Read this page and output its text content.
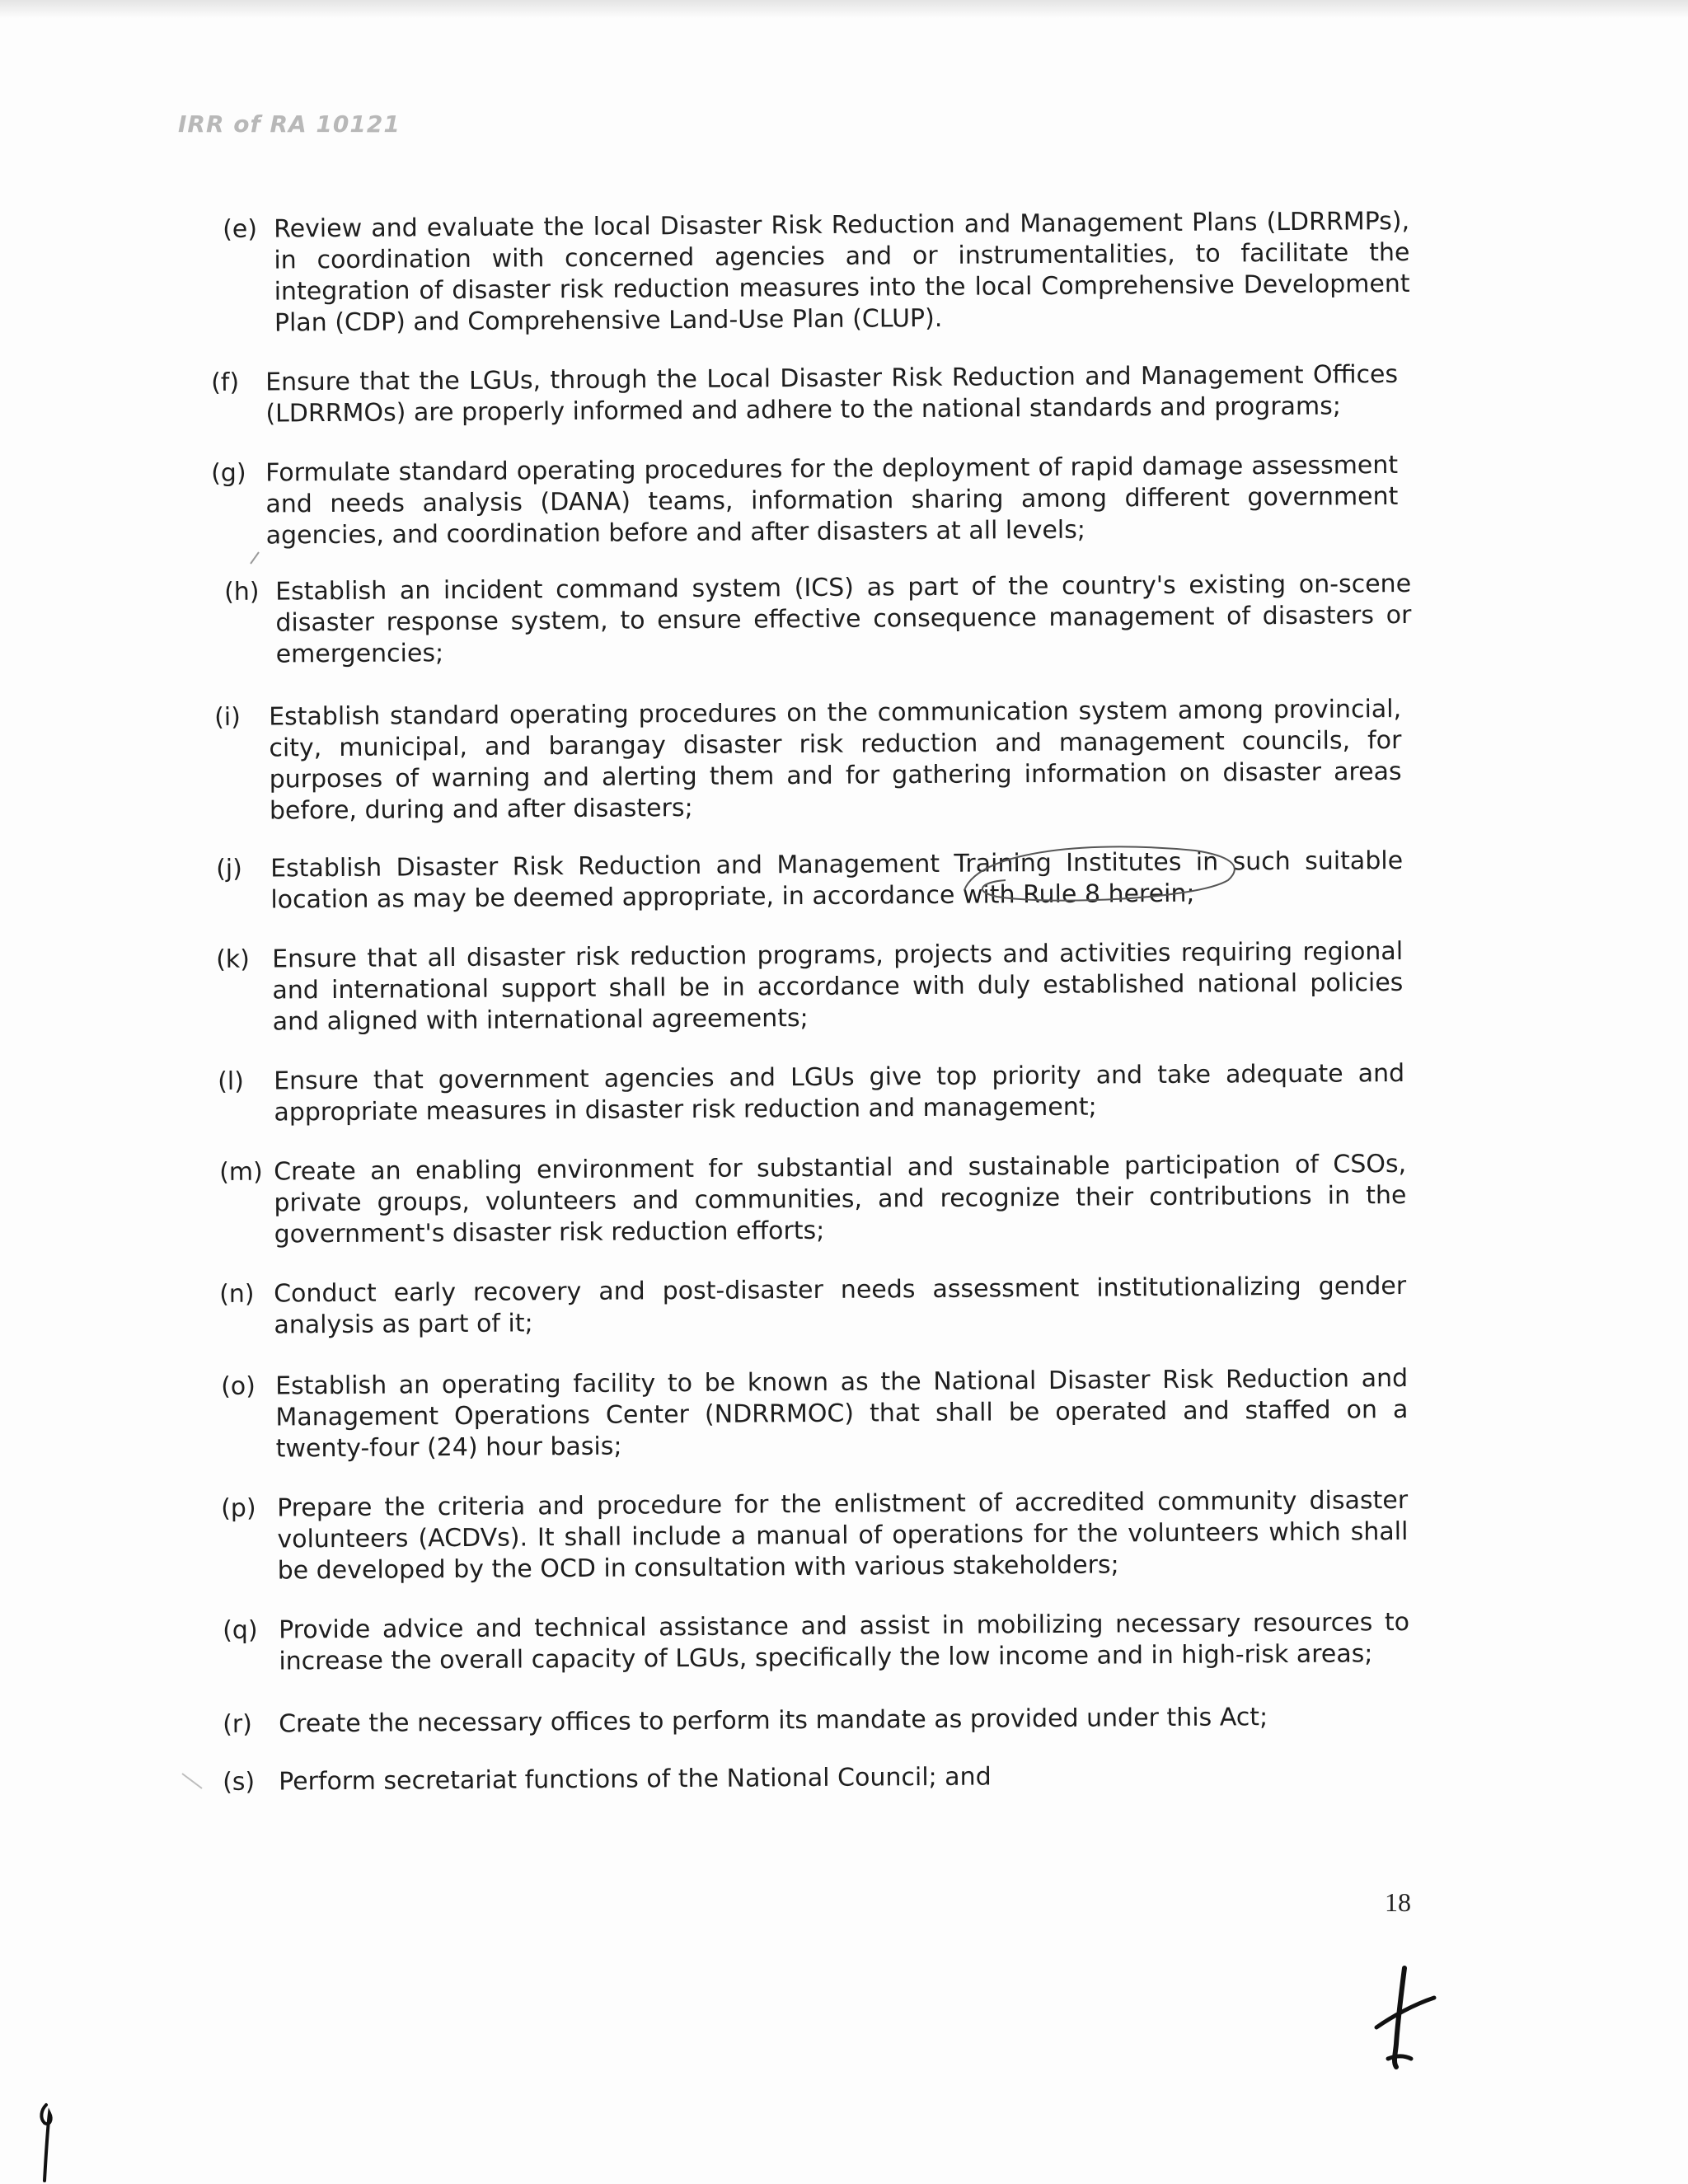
IRR of RA 10121
(e) Review and evaluate the local Disaster Risk Reduction and Management Plans (LDRRMPs), in coordination with concerned agencies and or instrumentalities, to facilitate the integration of disaster risk reduction measures into the local Comprehensive Development Plan (CDP) and Comprehensive Land-Use Plan (CLUP).
(f)	Ensure that the LGUs, through the Local Disaster Risk Reduction and Management Offices (LDRRMOs) are properly informed and adhere to the national standards and programs;
(g) Formulate standard operating procedures for the deployment of rapid damage assessment and needs analysis (DANA) teams, information sharing among different government agencies, and coordination before and after disasters at all levels;
(h) Establish an incident command system (ICS) as part of the country's existing on-scene disaster response system, to ensure effective consequence management of disasters or emergencies;
(i)	Establish standard operating procedures on the communication system among provincial, city, municipal, and barangay disaster risk reduction and management councils, for purposes of warning and alerting them and for gathering information on disaster areas before, during and after disasters;
(j)	Establish Disaster Risk Reduction and Management Training Institutes in such suitable location as may be deemed appropriate, in accordance with Rule 8 herein;
(k) Ensure that all disaster risk reduction programs, projects and activities requiring regional and international support shall be in accordance with duly established national policies and aligned with international agreements;
(l)	Ensure that government agencies and LGUs give top priority and take adequate and appropriate measures in disaster risk reduction and management;
(m) Create an enabling environment for substantial and sustainable participation of CSOs, private groups, volunteers and communities, and recognize their contributions in the government's disaster risk reduction efforts;
(n) Conduct early recovery and post-disaster needs assessment institutionalizing gender analysis as part of it;
(o) Establish an operating facility to be known as the National Disaster Risk Reduction and Management Operations Center (NDRRMOC) that shall be operated and staffed on a twenty-four (24) hour basis;
(p) Prepare the criteria and procedure for the enlistment of accredited community disaster volunteers (ACDVs). It shall include a manual of operations for the volunteers which shall be developed by the OCD in consultation with various stakeholders;
(q) Provide advice and technical assistance and assist in mobilizing necessary resources to increase the overall capacity of LGUs, specifically the low income and in high-risk areas;
(r)	Create the necessary offices to perform its mandate as provided under this Act;
(s) Perform secretariat functions of the National Council; and
18
